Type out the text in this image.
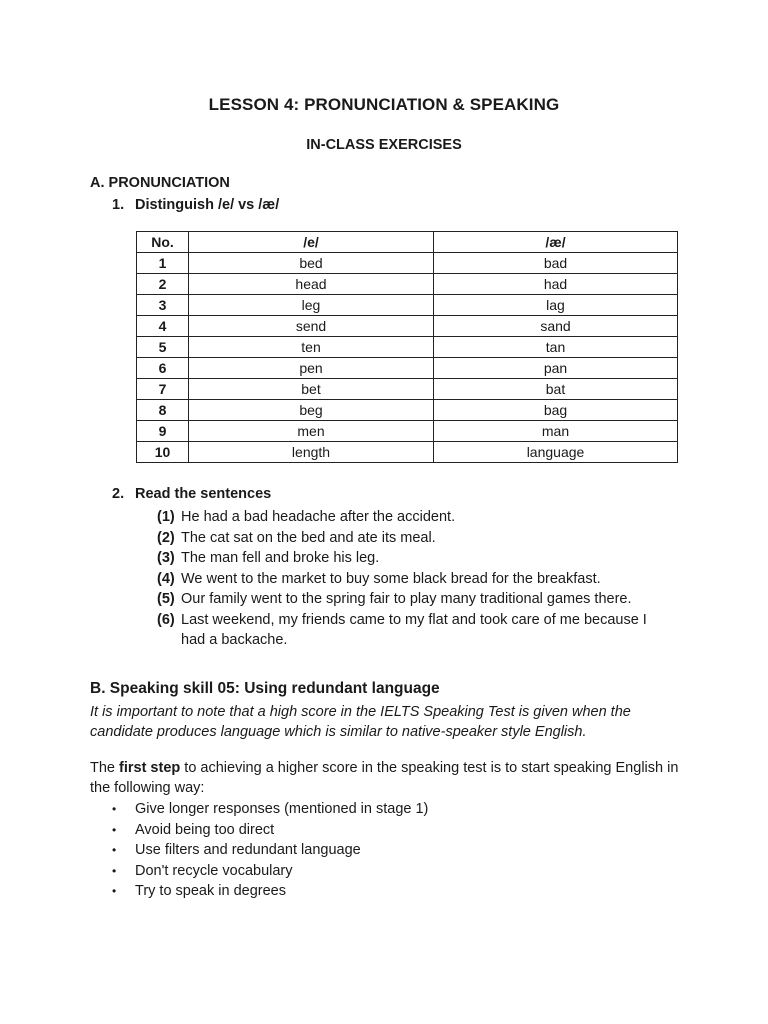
LESSON 4: PRONUNCIATION & SPEAKING
IN-CLASS EXERCISES
A. PRONUNCIATION
1. Distinguish /e/ vs /æ/
No.	/e/	/æ/
1	bed	bad
2	head	had
3	leg	lag
4	send	sand
5	ten	tan
6	pen	pan
7	bet	bat
8	beg	bag
9	men	man
10	length	language
2. Read the sentences
(1) He had a bad headache after the accident.
(2) The cat sat on the bed and ate its meal.
(3) The man fell and broke his leg.
(4) We went to the market to buy some black bread for the breakfast.
(5) Our family went to the spring fair to play many traditional games there.
(6) Last weekend, my friends came to my flat and took care of me because I had a backache.
B. Speaking skill 05: Using redundant language
It is important to note that a high score in the IELTS Speaking Test is given when the candidate produces language which is similar to native-speaker style English.
The first step to achieving a higher score in the speaking test is to start speaking English in the following way:
•	Give longer responses (mentioned in stage 1)
•	Avoid being too direct
•	Use filters and redundant language
•	Don't recycle vocabulary
•	Try to speak in degrees
